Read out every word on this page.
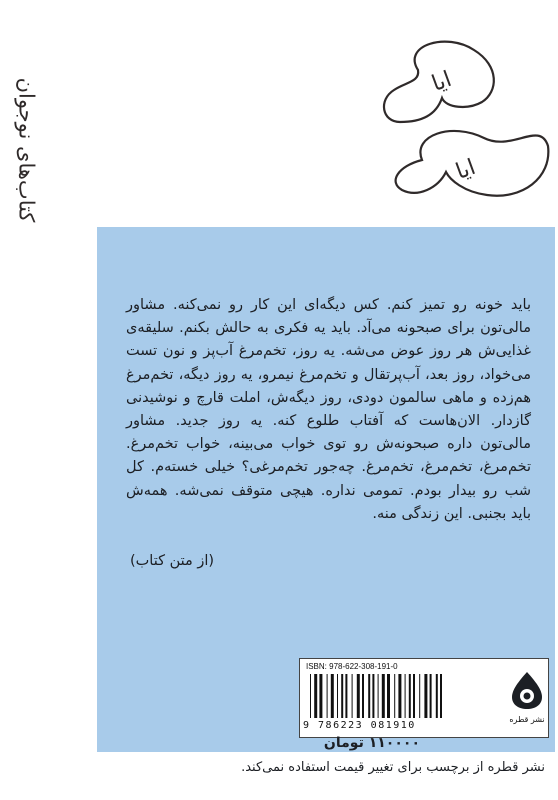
کتاب‌های نوجوان	ایا
ایا

باید خونه رو تمیز کنم. کس دیگه‌ای این کار رو نمی‌کنه. مشاور مالی‌تون برای صبحونه می‌آد. باید یه فکری به حالش بکنم. سلیقه‌ی غذایی‌ش هر روز عوض می‌شه. یه روز، تخم‌مرغ آب‌پز و نون تست می‌خواد، روز بعد، آب‌پرتقال و تخم‌مرغ نیمرو، یه روز دیگه، تخم‌مرغ هم‌زده و ماهی سالمون دودی، روز دیگه‌ش، املت قارچ و نوشیدنی گازدار. الان‌هاست که آفتاب طلوع کنه. یه روز جدید. مشاور مالی‌تون داره صبحونه‌ش رو توی خواب می‌بینه، خواب تخم‌مرغ. تخم‌مرغ، تخم‌مرغ، تخم‌مرغ. چه‌جور تخم‌مرغی؟ خیلی خسته‌م. کل شب رو بیدار بودم. تمومی نداره. هیچی متوقف نمی‌شه. همه‌ش باید بجنبی. این زندگی منه.

(از متن کتاب)
ISBN: 978-622-308-191-0
9 786223 081910
نشر قطره
۱۱۰۰۰۰ تومان
نشر قطره از برچسب برای تغییر قیمت استفاده نمی‌کند.
